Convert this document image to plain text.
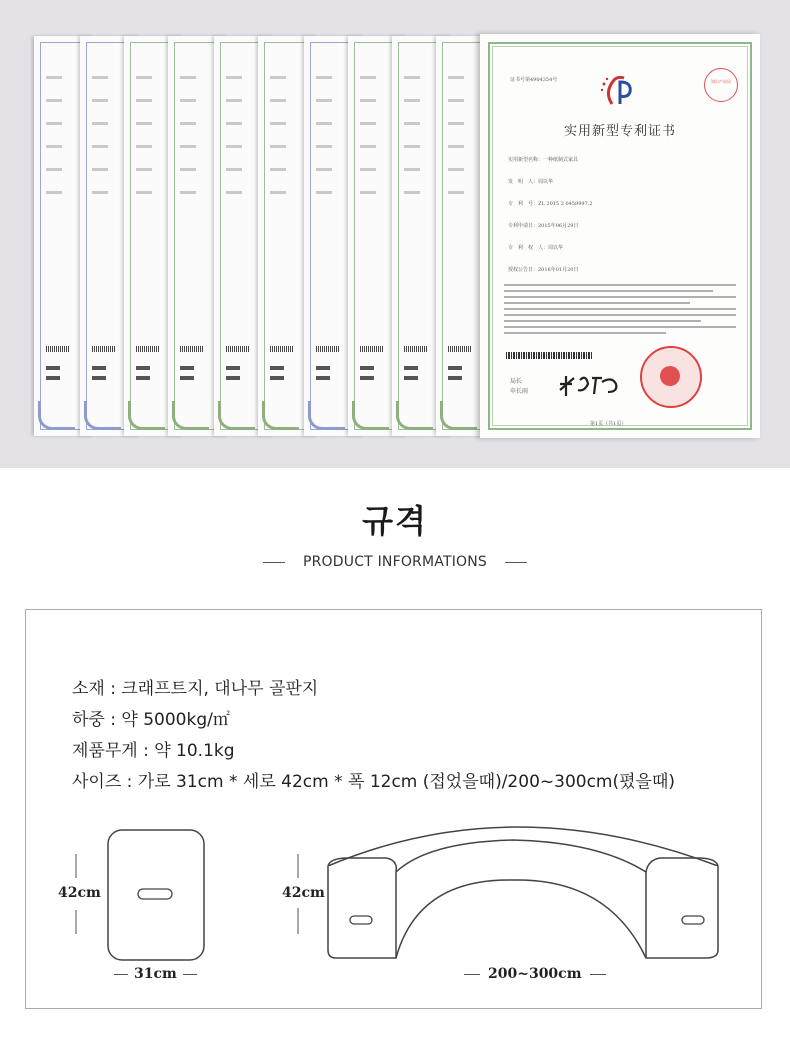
证书号第4904354号	知识产权局
实用新型专利证书
实用新型名称：一种纸制式家具
发　明　人：周以华
专　利　号：ZL 2015 2 0459997.2
专利申请日：2015年06月29日
专　利　权　人：周以华
授权公告日：2016年01月20日
局长
申长雨
第1页（共1页）
규격
PRODUCT INFORMATIONS
소재 : 크래프트지, 대나무 골판지
하중 : 약 5000kg/㎡
제품무게 : 약 10.1kg
사이즈 : 가로 31cm * 세로 42cm * 폭 12cm (접었을때)/200~300cm(폈을때)
42cm
31cm
42cm
200~300cm
